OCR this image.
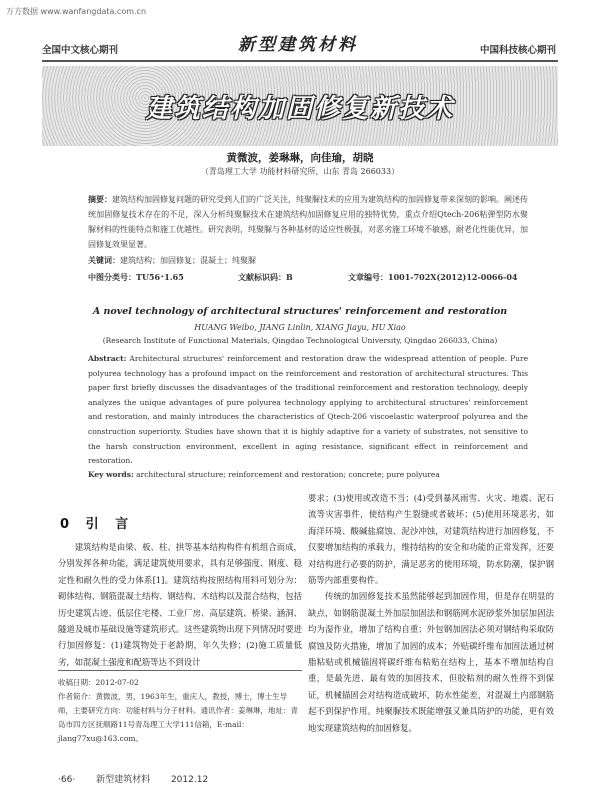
万方数据 www.wanfangdata.com.cn
全国中文核心期刊	新型建筑材料	中国科技核心期刊
建筑结构加固修复新技术
黄微波，姜琳琳，向佳瑜，胡晓
（青岛理工大学 功能材料研究所，山东 青岛 266033）
摘要：建筑结构加固修复问题的研究受到人们的广泛关注，纯聚脲技术的应用为建筑结构的加固修复带来深刻的影响。阐述传统加固修复技术存在的不足，深入分析纯聚脲技术在建筑结构加固修复应用的独特优势，重点介绍Qtech-206粘弹型防水聚脲材料的性能特点和施工优越性。研究表明，纯聚脲与各种基材的适应性极强，对恶劣施工环境不敏感，耐老化性能优异，加固修复效果显著。
关键词：建筑结构；加固修复；混凝土；纯聚脲
中图分类号：TU56⁺1.65	文献标识码：B	文章编号：1001-702X(2012)12-0066-04
A novel technology of architectural structures' reinforcement and restoration
HUANG Weibo, JIANG Linlin, XIANG Jiayu, HU Xiao
(Research Institute of Functional Materials, Qingdao Technological University, Qingdao 266033, China)
Abstract: Architectural structures' reinforcement and restoration draw the widespread attention of people. Pure polyurea technology has a profound impact on the reinforcement and restoration of architectural structures. This paper first briefly discusses the disadvantages of the traditional reinforcement and restoration technology, deeply analyzes the unique advantages of pure polyurea technology applying to architectural structures' reinforcement and restoration, and mainly introduces the characteristics of Qtech-206 viscoelastic waterproof polyurea and the construction superiority. Studies have shown that it is highly adaptive for a variety of substrates, not sensitive to the harsh construction environment, excellent in aging resistance, significant effect in reinforcement and restoration.
Key words: architectural structure; reinforcement and restoration; concrete; pure polyurea
0 引 言
建筑结构是由梁、板、柱、拱等基本结构构件有机组合而成，分别发挥各种功能，满足建筑使用要求，具有足够强度、刚度、稳定性和耐久性的受力体系[1]。建筑结构按照结构用料可划分为：砌体结构、钢筋混凝土结构、钢结构、木结构以及混合结构，包括历史建筑古迹、低层住宅楼、工业厂房、高层建筑、桥梁、涵洞、隧道及城市基础设施等建筑形式。这些建筑物出现下列情况时要进行加固修复：(1)建筑物处于老龄期，年久失修；(2)施工质量低劣，如混凝土强度和配筋等达不到设计
要求；(3)使用或改造不当；(4)受到暴风雨雪、火灾、地震、泥石流等灾害事件，使结构产生裂缝或者破坏；(5)使用环境恶劣，如海洋环境、酸碱盐腐蚀、泥沙冲蚀，对建筑结构进行加固修复，不仅要增加结构的承载力，维持结构的安全和功能的正常发挥，还要对结构进行必要的防护，满足恶劣的使用环境，防水防潮，保护钢筋等内部重要构件。
　　传统的加固修复技术虽然能够起到加固作用，但是存在明显的缺点，如钢筋混凝土外加层加固法和钢筋网水泥砂浆外加层加固法均为湿作业，增加了结构自重；外包钢加固法必须对钢结构采取防腐蚀及防火措施，增加了加固的成本；外贴碳纤维布加固法通过树脂粘贴或机械锚固将碳纤维布粘贴在结构上，基本不增加结构自重，是最先进、最有效的加固技术，但胶粘剂的耐久性得不到保证，机械锚固会对结构造成破坏，防水性能差，对混凝土内部钢筋起不到保护作用。纯聚脲技术既能增强又兼具防护的功能，更有效地实现建筑结构的加固修复。
收稿日期：2012-07-02
作者简介：黄微波，男，1963年生，重庆人，教授，博士，博士生导师，主要研究方向：功能材料与分子材料。通讯作者：姜琳琳，地址：青岛市四方区抚顺路11号青岛理工大学111信箱，E-mail：jlang77xu@163.com。
·66· 新型建筑材料 2012.12
